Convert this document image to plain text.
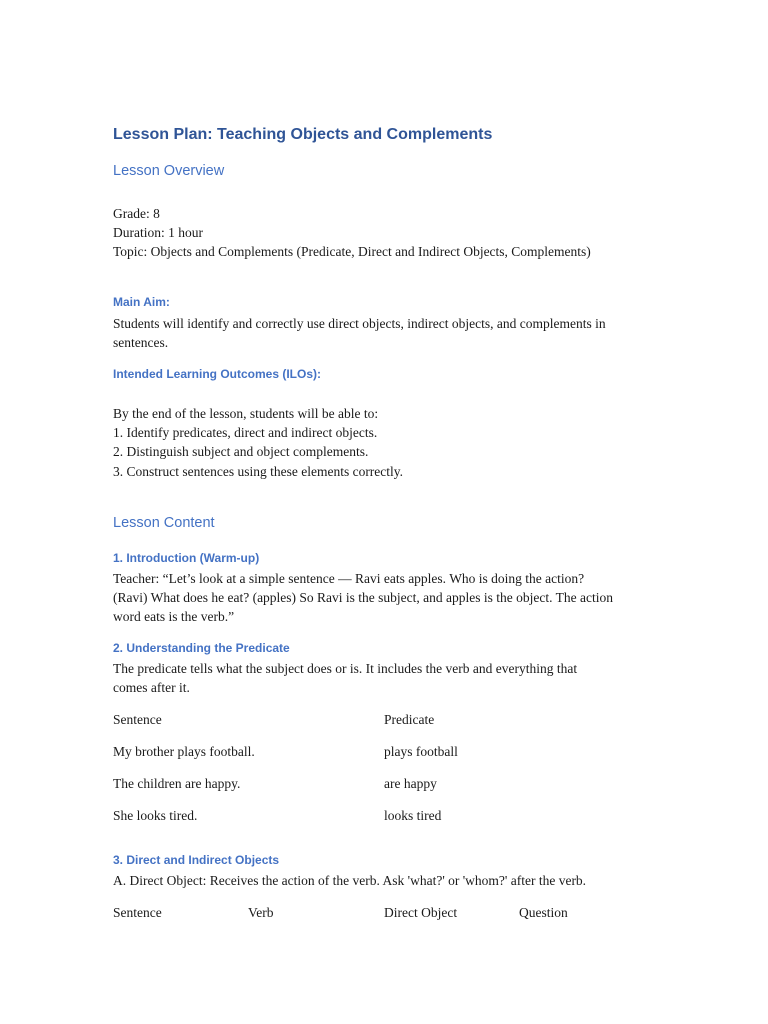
Lesson Plan: Teaching Objects and Complements
Lesson Overview
Grade: 8
Duration: 1 hour
Topic: Objects and Complements (Predicate, Direct and Indirect Objects, Complements)
Main Aim:
Students will identify and correctly use direct objects, indirect objects, and complements in
sentences.
Intended Learning Outcomes (ILOs):
By the end of the lesson, students will be able to:
1. Identify predicates, direct and indirect objects.
2. Distinguish subject and object complements.
3. Construct sentences using these elements correctly.
Lesson Content
1. Introduction (Warm-up)
Teacher: “Let’s look at a simple sentence — Ravi eats apples. Who is doing the action?
(Ravi) What does he eat? (apples) So Ravi is the subject, and apples is the object. The action
word eats is the verb.”
2. Understanding the Predicate
The predicate tells what the subject does or is. It includes the verb and everything that
comes after it.
Sentence	Predicate
My brother plays football.	plays football
The children are happy.	are happy
She looks tired.	looks tired
3. Direct and Indirect Objects
A. Direct Object: Receives the action of the verb. Ask 'what?' or 'whom?' after the verb.
Sentence	Verb	Direct Object	Question
